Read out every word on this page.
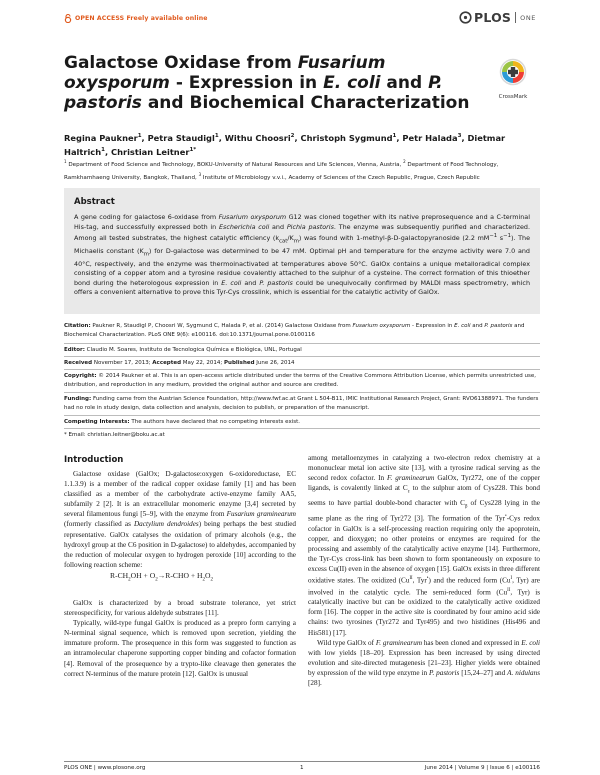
OPEN ACCESS Freely available online	PLOS ONE
Galactose Oxidase from Fusarium oxysporum - Expression in E. coli and P. pastoris and Biochemical Characterization	CrossMark
Regina Paukner$^1$, Petra Staudigl$^1$, Withu Choosri$^2$, Christoph Sygmund$^1$, Petr Halada$^3$, Dietmar Haltrich$^1$, Christian Leitner$^{1*}$
$^1$ Department of Food Science and Technology, BOKU-University of Natural Resources and Life Sciences, Vienna, Austria, $^2$ Department of Food Technology, Ramkhamhaeng University, Bangkok, Thailand, $^3$ Institute of Microbiology v.v.i., Academy of Sciences of the Czech Republic, Prague, Czech Republic
Abstract
A gene coding for galactose 6-oxidase from Fusarium oxysporum G12 was cloned together with its native preprosequence and a C-terminal His-tag, and successfully expressed both in Escherichia coli and Pichia pastoris. The enzyme was subsequently purified and characterized. Among all tested substrates, the highest catalytic efficiency $(k_{cat}/K_m)$ was found with 1-methyl-β-D-galactopyranoside (2.2 $mM^{-1}$ $s^{-1}$). The Michaelis constant $(K_m)$ for D-galactose was determined to be 47 mM. Optimal pH and temperature for the enzyme activity were 7.0 and 40°C, respectively, and the enzyme was thermoinactivated at temperatures above 50°C. GalOx contains a unique metalloradical complex consisting of a copper atom and a tyrosine residue covalently attached to the sulphur of a cysteine. The correct formation of this thioether bond during the heterologous expression in E. coli and P. pastoris could be unequivocally confirmed by MALDI mass spectrometry, which offers a convenient alternative to prove this Tyr-Cys crosslink, which is essential for the catalytic activity of GalOx.
Citation: Paukner R, Staudigl P, Choosri W, Sygmund C, Halada P, et al. (2014) Galactose Oxidase from Fusarium oxysporum - Expression in E. coli and P. pastoris and Biochemical Characterization. PLoS ONE 9(6): e100116. doi:10.1371/journal.pone.0100116
Editor: Claudio M. Soares, Instituto de Tecnologica Química e Biológica, UNL, Portugal
Received November 17, 2013; Accepted May 22, 2014; Published June 26, 2014
Copyright: © 2014 Paukner et al. This is an open-access article distributed under the terms of the Creative Commons Attribution License, which permits unrestricted use, distribution, and reproduction in any medium, provided the original author and source are credited.
Funding: Funding came from the Austrian Science Foundation, http://www.fwf.ac.at Grant L 504-B11, IMIC Institutional Research Project, Grant: RVO61388971. The funders had no role in study design, data collection and analysis, decision to publish, or preparation of the manuscript.
Competing Interests: The authors have declared that no competing interests exist.
* Email: christian.leitner@boku.ac.at
Introduction

Galactose oxidase (GalOx; D-galactose:oxygen 6-oxidoreductase, EC 1.1.3.9) is a member of the radical copper oxidase family [1] and has been classified as a member of the carbohydrate active-enzyme family AA5, subfamily 2 [2]. It is an extracellular monomeric enzyme [3,4] secreted by several filamentous fungi [5–9], with the enzyme from Fusarium graminearum (formerly classified as Dactylium dendroides) being perhaps the best studied representative. GalOx catalyses the oxidation of primary alcohols (e.g., the hydroxyl group at the C6 position in D-galactose) to aldehydes, accompanied by the reduction of molecular oxygen to hydrogen peroxide [10] according to the following reaction scheme:

$R-CH_2OH + O_2\to R-CHO + H_2O_2$

GalOx is characterized by a broad substrate tolerance, yet strict stereospecificity, for various aldehyde substrates [11].

Typically, wild-type fungal GalOx is produced as a prepro form carrying a N-terminal signal sequence, which is removed upon secretion, yielding the immature proform. The prosequence in this form was suggested to function as an intramolecular chaperone supporting copper binding and cofactor formation [4]. Removal of the prosequence by a trypto-like cleavage then generates the correct N-terminus of the mature protein [12]. GalOx is unusual

among metalloenzymes in catalyzing a two-electron redox chemistry at a mononuclear metal ion active site [13], with a tyrosine radical serving as the second redox cofactor. In F. graminearum GalOx, Tyr272, one of the copper ligands, is covalently linked at $C_\varepsilon$ to the sulphur atom of Cys228. This bond seems to have partial double-bond character with $C_\beta$ of Cys228 lying in the same plane as the ring of Tyr272 [3]. The formation of the Tyr•-Cys redox cofactor in GalOx is a self-processing reaction requiring only the apoprotein, copper, and dioxygen; no other proteins or enzymes are required for the processing and assembly of the catalytically active enzyme [14]. Furthermore, the Tyr-Cys cross-link has been shown to form spontaneously on exposure to excess Cu(II) even in the absence of oxygen [15]. GalOx exists in three different oxidative states. The oxidized ($Cu^{II}$, Tyr•) and the reduced form ($Cu^I$, Tyr) are involved in the catalytic cycle. The semi-reduced form ($Cu^{II}$, Tyr) is catalytically inactive but can be oxidized to the catalytically active oxidized form [16]. The copper in the active site is coordinated by four amino acid side chains: two tyrosines (Tyr272 and Tyr495) and two histidines (His496 and His581) [17].

Wild type GalOx of F. graminearum has been cloned and expressed in E. coli with low yields [18–20]. Expression has been increased by using directed evolution and site-directed mutagenesis [21–23]. Higher yields were obtained by expression of the wild type enzyme in P. pastoris [15,24–27] and A. nidulans [28].

PLOS ONE | www.plosone.org	1	June 2014 | Volume 9 | Issue 6 | e100116
